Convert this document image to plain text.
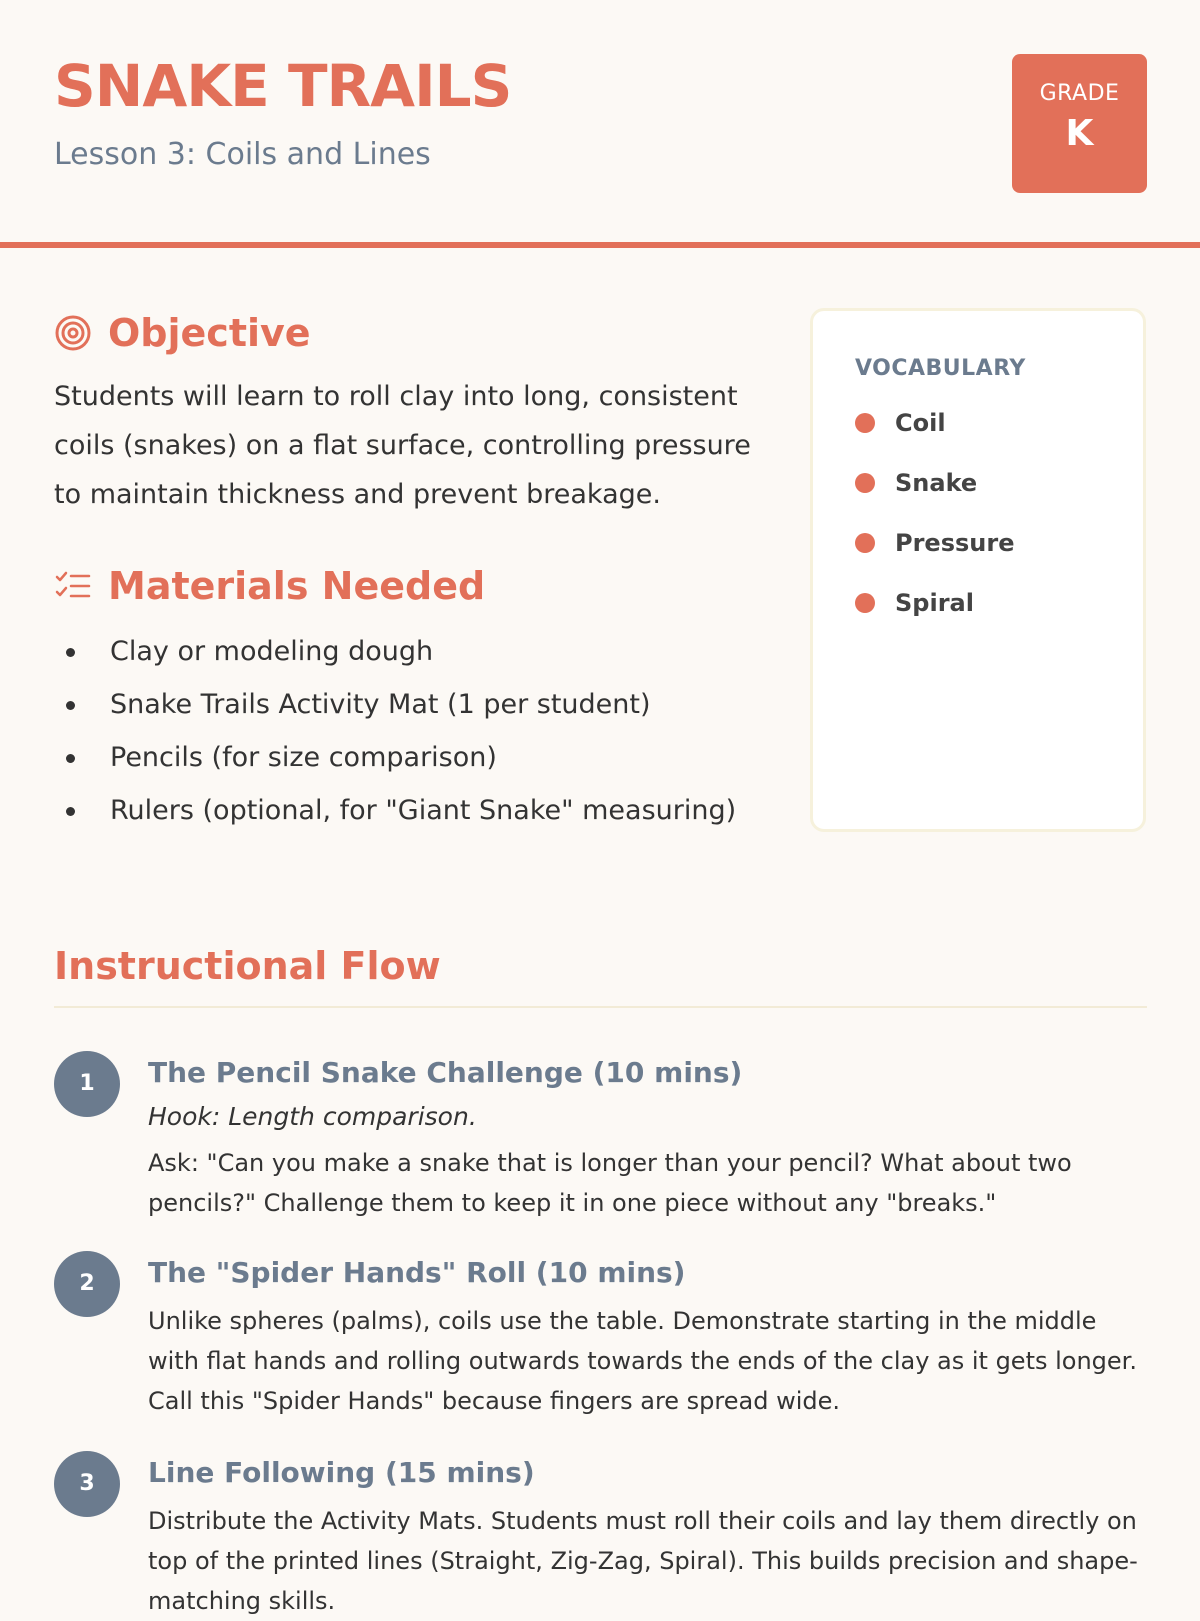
SNAKE TRAILS

Lesson 3: Coils and Lines

GRADE
K
Objective

Students will learn to roll clay into long, consistent coils (snakes) on a flat surface, controlling pressure to maintain thickness and prevent breakage.

Materials Needed
Clay or modeling dough
Snake Trails Activity Mat (1 per student)
Pencils (for size comparison)
Rulers (optional, for "Giant Snake" measuring)
VOCABULARY
Coil
Snake
Pressure
Spiral
Instructional Flow
1	The Pencil Snake Challenge (10 mins)

Hook: Length comparison.

Ask: "Can you make a snake that is longer than your pencil? What about two pencils?" Challenge them to keep it in one piece without any "breaks."

2	The "Spider Hands" Roll (10 mins)

Unlike spheres (palms), coils use the table. Demonstrate starting in the middle with flat hands and rolling outwards towards the ends of the clay as it gets longer. Call this "Spider Hands" because fingers are spread wide.

3	Line Following (15 mins)

Distribute the Activity Mats. Students must roll their coils and lay them directly on top of the printed lines (Straight, Zig-Zag, Spiral). This builds precision and shape-matching skills.
